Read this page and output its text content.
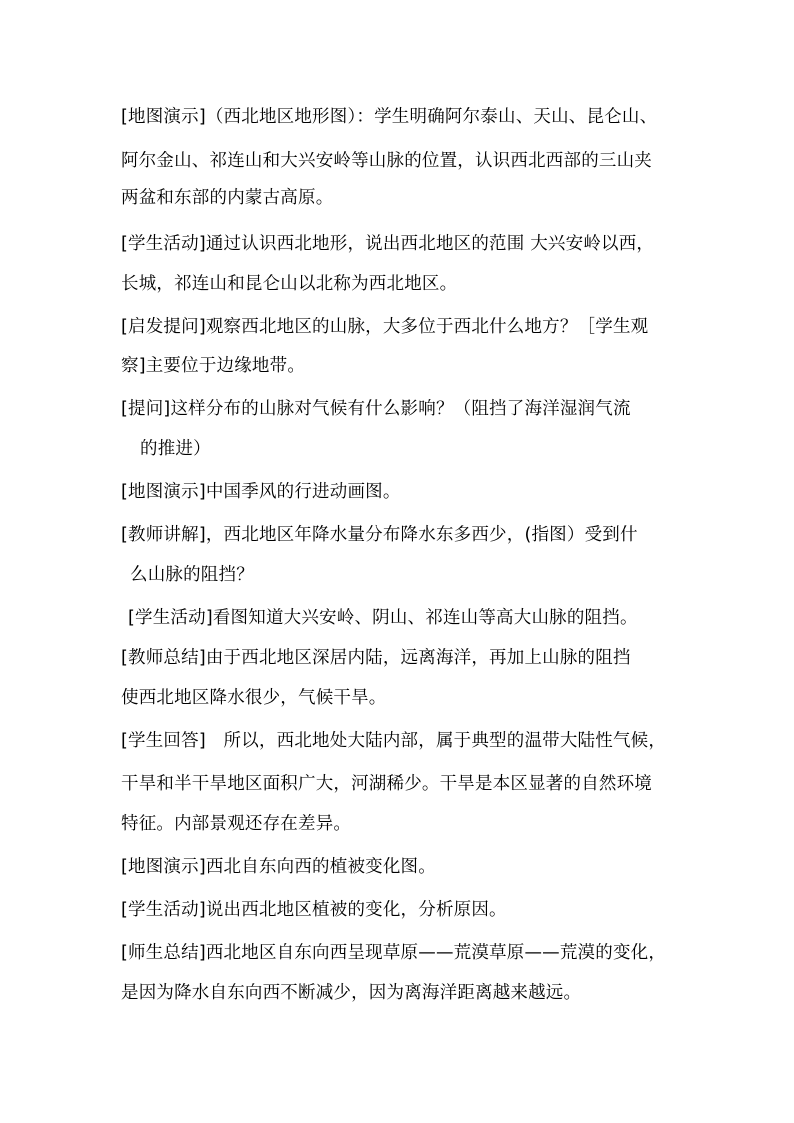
[地图演示]（西北地区地形图）：学生明确阿尔泰山、天山、昆仑山、
阿尔金山、祁连山和大兴安岭等山脉的位置，认识西北西部的三山夹
两盆和东部的内蒙古高原。
[学生活动]通过认识西北地形，说出西北地区的范围 大兴安岭以西，
长城，祁连山和昆仑山以北称为西北地区。
[启发提问]观察西北地区的山脉，大多位于西北什么地方？［学生观
察]主要位于边缘地带。
[提问]这样分布的山脉对气候有什么影响？（阻挡了海洋湿润气流
的推进）
[地图演示]中国季风的行进动画图。
[教师讲解]，西北地区年降水量分布降水东多西少，(指图）受到什
么山脉的阻挡？
[学生活动]看图知道大兴安岭、阴山、祁连山等高大山脉的阻挡。
[教师总结]由于西北地区深居内陆，远离海洋，再加上山脉的阻挡
使西北地区降水很少，气候干旱。
[学生回答]　所以，西北地处大陆内部，属于典型的温带大陆性气候，
干旱和半干旱地区面积广大，河湖稀少。干旱是本区显著的自然环境
特征。内部景观还存在差异。
[地图演示]西北自东向西的植被变化图。
[学生活动]说出西北地区植被的变化，分析原因。
[师生总结]西北地区自东向西呈现草原——荒漠草原——荒漠的变化，
是因为降水自东向西不断减少，因为离海洋距离越来越远。
